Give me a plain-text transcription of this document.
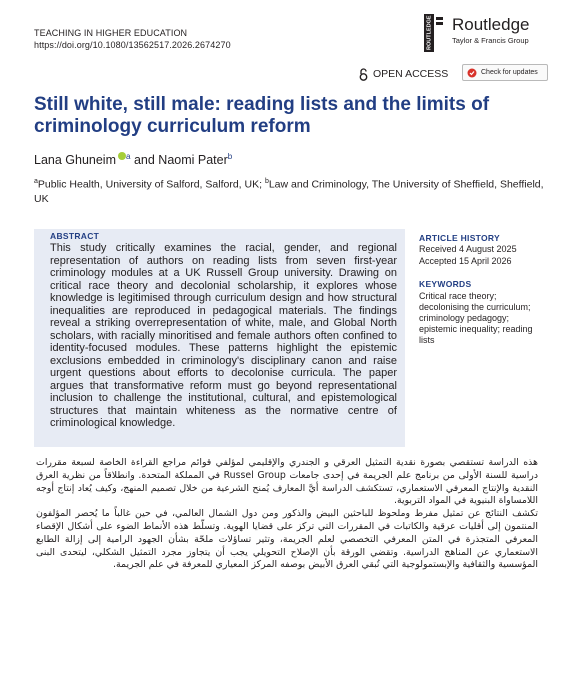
TEACHING IN HIGHER EDUCATION
https://doi.org/10.1080/13562517.2026.2674270	ROUTLEDGE Routledge
Taylor & Francis Group
OPEN ACCESS	Check for updates
Still white, still male: reading lists and the limits of criminology curriculum reform
Lana Ghuneim $^a$ and Naomi Pater$^b$
$^a$Public Health, University of Salford, Salford, UK; $^b$Law and Criminology, The University of Sheffield, Sheffield, UK
ABSTRACT
This study critically examines the racial, gender, and regional representation of authors on reading lists from seven first-year criminology modules at a UK Russell Group university. Drawing on critical race theory and decolonial scholarship, it explores whose knowledge is legitimised through curriculum design and how structural inequalities are reproduced in pedagogical materials. The findings reveal a striking overrepresentation of white, male, and Global North scholars, with racially minoritised and female authors often confined to identity-focused modules. These patterns highlight the epistemic exclusions embedded in criminology's disciplinary canon and raise urgent questions about efforts to decolonise curricula. The paper argues that transformative reform must go beyond representational inclusion to challenge the institutional, cultural, and epistemological structures that maintain whiteness as the normative centre of criminological knowledge.
ARTICLE HISTORY
Received 4 August 2025
Accepted 15 April 2026
KEYWORDS
Critical race theory; decolonising the curriculum; criminology pedagogy; epistemic inequality; reading lists
هذه الدراسة تستقصي بصورة نقدية التمثيل العرقي و الجندري والإقليمي لمؤلفي قوائم مراجع القراءة الخاصة لسبعة مقررات دراسية للسنة الأولى من برنامج علم الجريمة في إحدى جامعات Russel Group في المملكة المتحدة. وانطلاقاً من نظرية العرق النقدية والإنتاج المعرفي الاستعماري، تستكشف الدراسة أيَّ المعارف يُمنح الشرعية من خلال تصميم المنهج، وكيف يُعاد إنتاج أوجه اللامساواة البنيوية في المواد التربوية.
تكشف النتائج عن تمثيل مفرط وملحوظ للباحثين البيض والذكور ومن دول الشمال العالمي، في حين غالباً ما يُحصر المؤلفون المنتمون إلى أقليات عرقية والكاتبات في المقررات التي تركز على قضايا الهوية. وتسلّط هذه الأنماط الضوء على أشكال الإقصاء المعرفي المتجذرة في المتن المعرفي التخصصي لعلم الجريمة، وتثير تساؤلات ملحّة بشأن الجهود الرامية إلى إزالة الطابع الاستعماري عن المناهج الدراسية. وتقضي الورقة بأن الإصلاح التحويلي يجب أن يتجاوز مجرد التمثيل الشكلي، ليتحدى البنى المؤسسية والثقافية والإبستمولوجية التي تُبقي العرق الأبيض بوصفه المركز المعياري للمعرفة في علم الجريمة.
